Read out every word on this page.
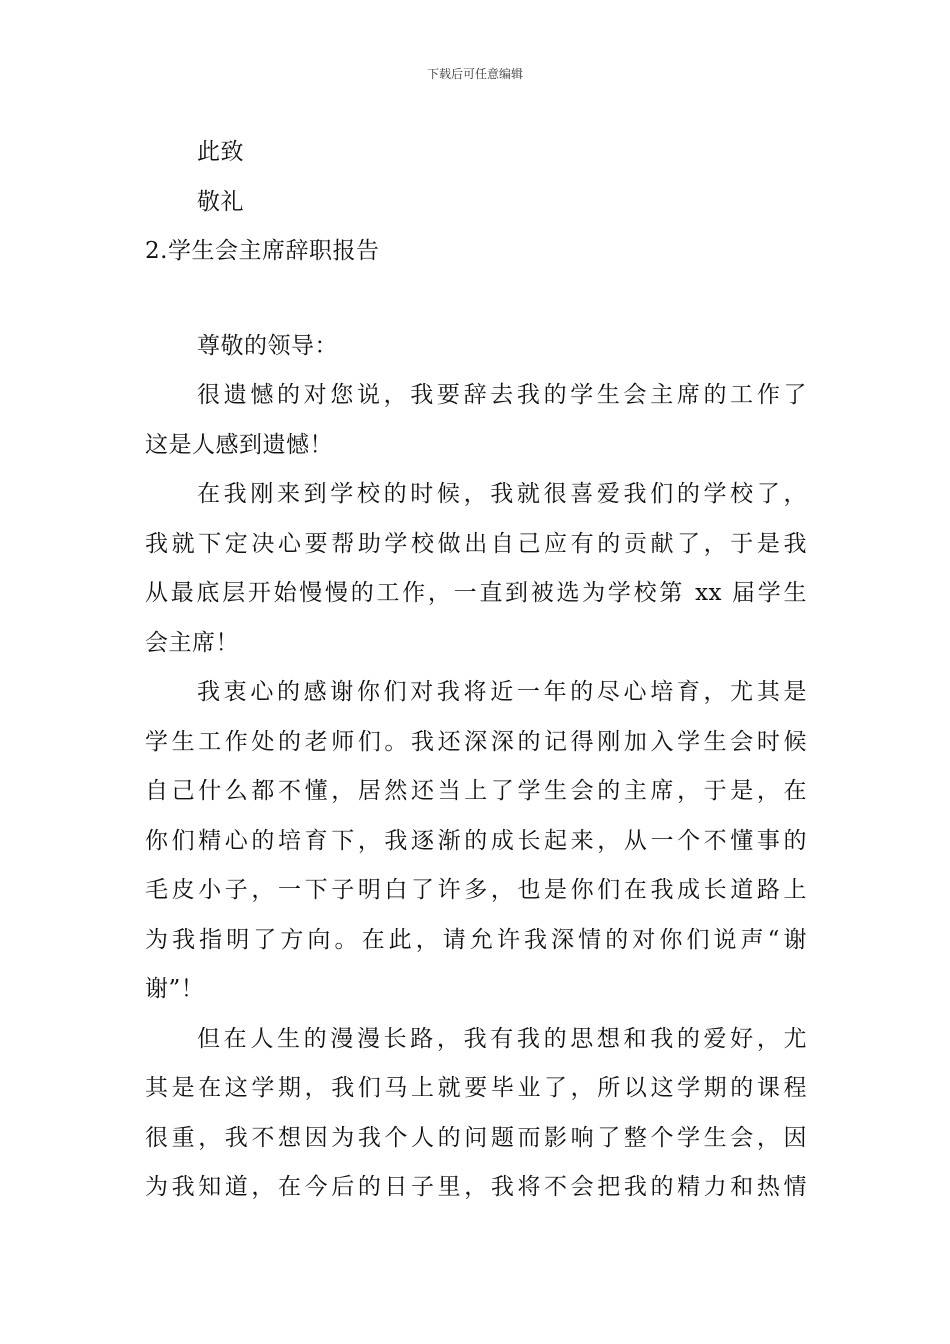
下载后可任意编辑
此致
敬礼
2.学生会主席辞职报告
尊敬的领导：
很遗憾的对您说，我要辞去我的学生会主席的工作了
这是人感到遗憾！
在我刚来到学校的时候，我就很喜爱我们的学校了，
我就下定决心要帮助学校做出自己应有的贡献了，于是我
从最底层开始慢慢的工作，一直到被选为学校第 xx 届学生
会主席！
我衷心的感谢你们对我将近一年的尽心培育，尤其是
学生工作处的老师们。我还深深的记得刚加入学生会时候
自己什么都不懂，居然还当上了学生会的主席，于是，在
你们精心的培育下，我逐渐的成长起来，从一个不懂事的
毛皮小子，一下子明白了许多，也是你们在我成长道路上
为我指明了方向。在此，请允许我深情的对你们说声“谢
谢”！
但在人生的漫漫长路，我有我的思想和我的爱好，尤
其是在这学期，我们马上就要毕业了，所以这学期的课程
很重，我不想因为我个人的问题而影响了整个学生会，因
为我知道，在今后的日子里，我将不会把我的精力和热情
